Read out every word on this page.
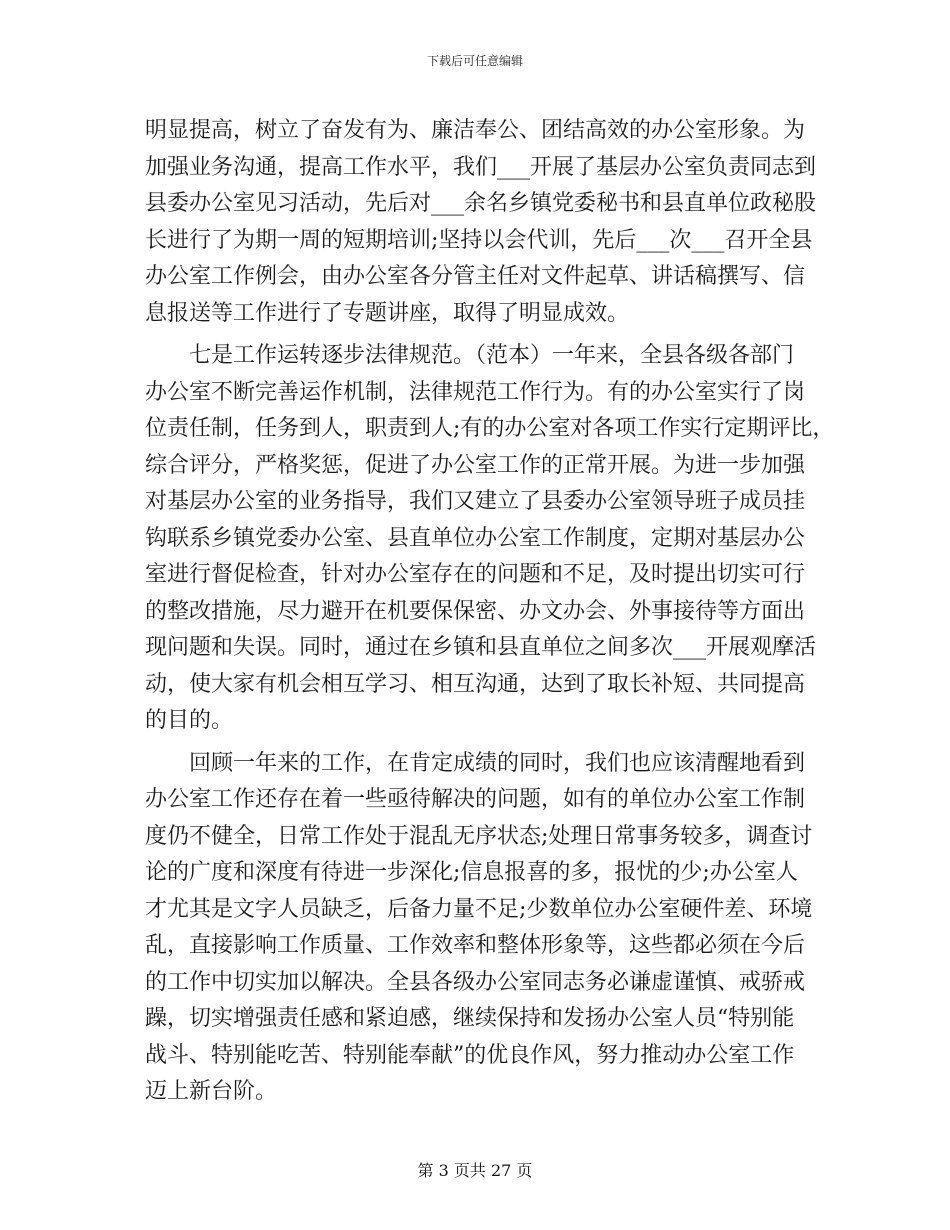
下载后可任意编辑
明显提高，树立了奋发有为、廉洁奉公、团结高效的办公室形象。为
加强业务沟通，提高工作水平，我们___开展了基层办公室负责同志到
县委办公室见习活动，先后对___余名乡镇党委秘书和县直单位政秘股
长进行了为期一周的短期培训;坚持以会代训，先后___次___召开全县
办公室工作例会，由办公室各分管主任对文件起草、讲话稿撰写、信
息报送等工作进行了专题讲座，取得了明显成效。
　　七是工作运转逐步法律规范。（范本）一年来，全县各级各部门
办公室不断完善运作机制，法律规范工作行为。有的办公室实行了岗
位责任制，任务到人，职责到人;有的办公室对各项工作实行定期评比，
综合评分，严格奖惩，促进了办公室工作的正常开展。为进一步加强
对基层办公室的业务指导，我们又建立了县委办公室领导班子成员挂
钩联系乡镇党委办公室、县直单位办公室工作制度，定期对基层办公
室进行督促检查，针对办公室存在的问题和不足，及时提出切实可行
的整改措施，尽力避开在机要保保密、办文办会、外事接待等方面出
现问题和失误。同时，通过在乡镇和县直单位之间多次___开展观摩活
动，使大家有机会相互学习、相互沟通，达到了取长补短、共同提高
的目的。
　　回顾一年来的工作，在肯定成绩的同时，我们也应该清醒地看到
办公室工作还存在着一些亟待解决的问题，如有的单位办公室工作制
度仍不健全，日常工作处于混乱无序状态;处理日常事务较多，调查讨
论的广度和深度有待进一步深化;信息报喜的多，报忧的少;办公室人
才尤其是文字人员缺乏，后备力量不足;少数单位办公室硬件差、环境
乱，直接影响工作质量、工作效率和整体形象等，这些都必须在今后
的工作中切实加以解决。全县各级办公室同志务必谦虚谨慎、戒骄戒
躁，切实增强责任感和紧迫感，继续保持和发扬办公室人员“特别能
战斗、特别能吃苦、特别能奉献”的优良作风，努力推动办公室工作
迈上新台阶。
第 3 页共 27 页
